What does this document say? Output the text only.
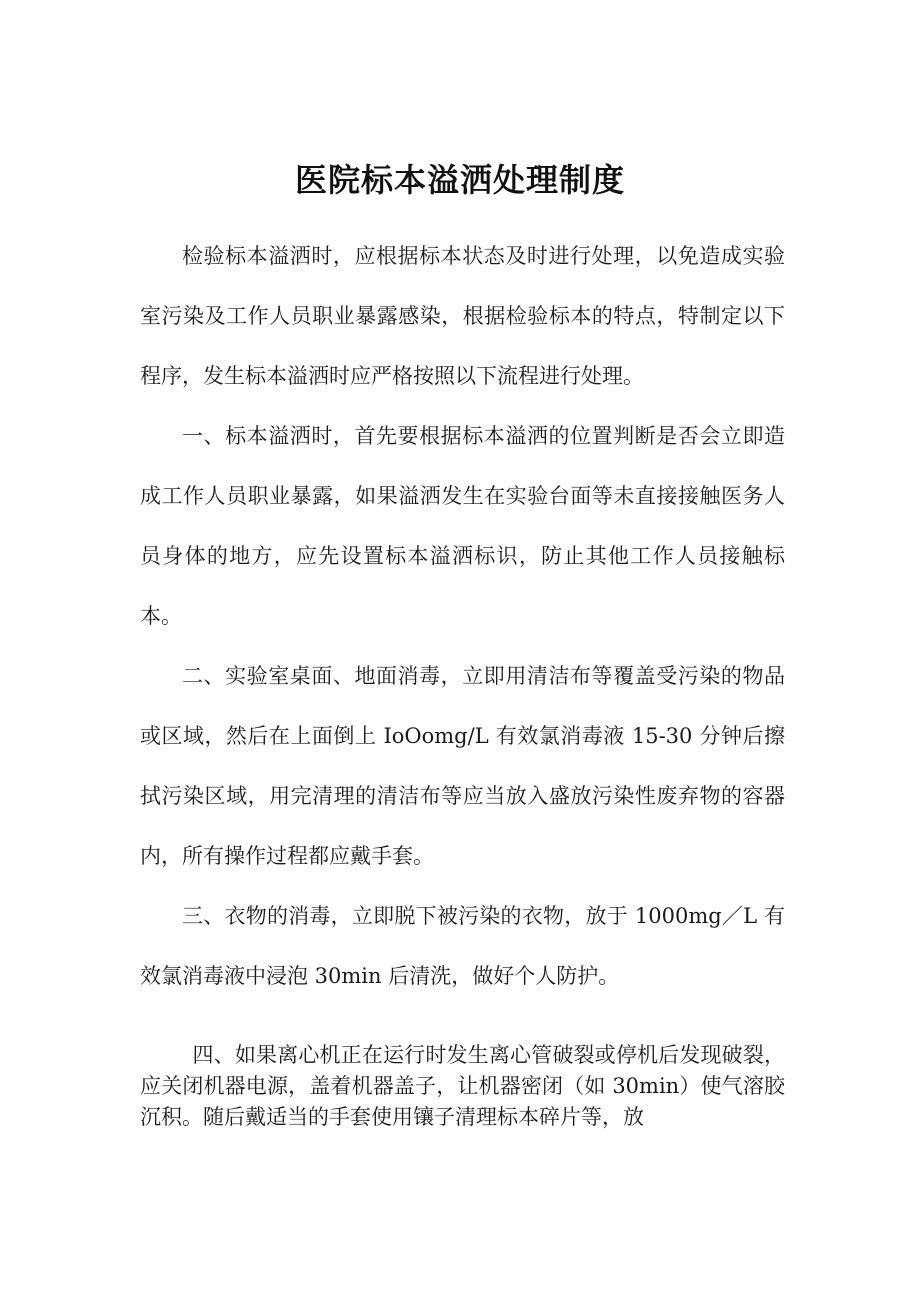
医院标本溢洒处理制度

检验标本溢洒时，应根据标本状态及时进行处理，以免造成实验室污染及工作人员职业暴露感染，根据检验标本的特点，特制定以下程序，发生标本溢洒时应严格按照以下流程进行处理。

一、标本溢洒时，首先要根据标本溢洒的位置判断是否会立即造成工作人员职业暴露，如果溢洒发生在实验台面等未直接接触医务人员身体的地方，应先设置标本溢洒标识，防止其他工作人员接触标本。

二、实验室桌面、地面消毒，立即用清洁布等覆盖受污染的物品或区域，然后在上面倒上 IoOomg/L 有效氯消毒液 15-30 分钟后擦拭污染区域，用完清理的清洁布等应当放入盛放污染性废弃物的容器内，所有操作过程都应戴手套。

三、衣物的消毒，立即脱下被污染的衣物，放于 1000mg／L 有效氯消毒液中浸泡 30min 后清洗，做好个人防护。

四、如果离心机正在运行时发生离心管破裂或停机后发现破裂，应关闭机器电源，盖着机器盖子，让机器密闭（如 30min）使气溶胶沉积。随后戴适当的手套使用镶子清理标本碎片等，放
